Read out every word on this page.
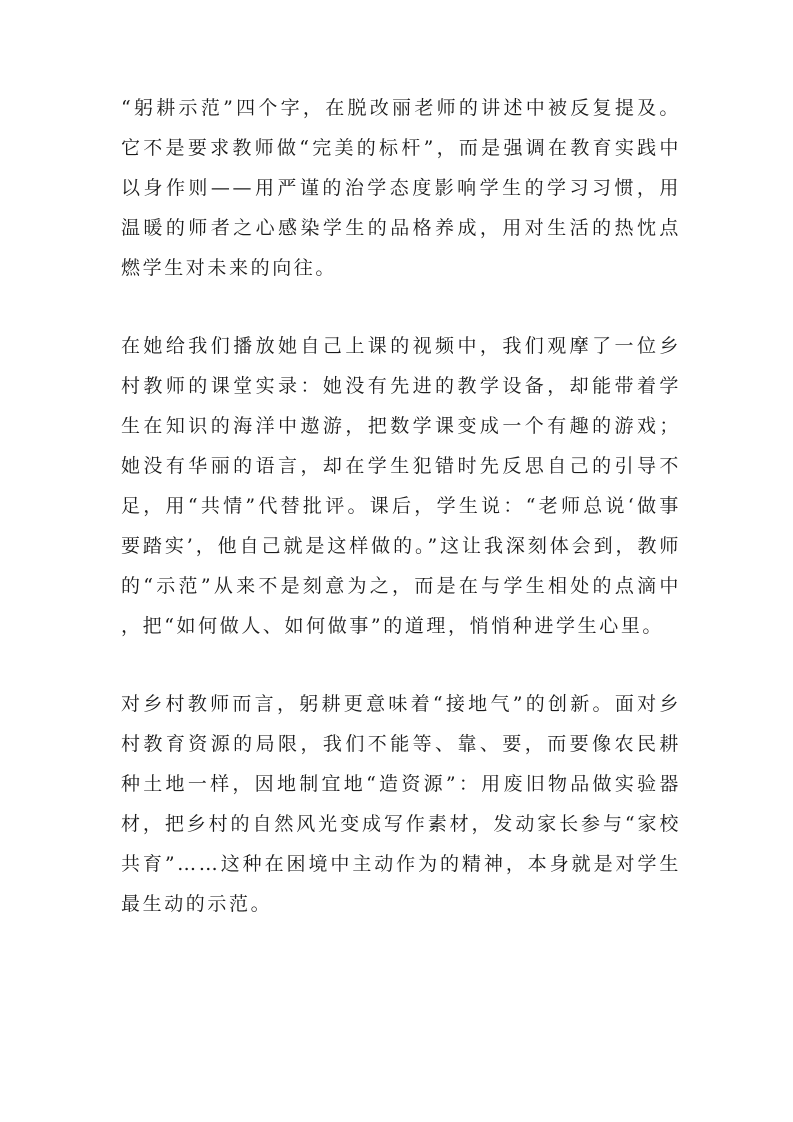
“躬耕示范”四个字，在脱改丽老师的讲述中被反复提及。它不是要求教师做“完美的标杆”，而是强调在教育实践中以身作则——用严谨的治学态度影响学生的学习习惯，用温暖的师者之心感染学生的品格养成，用对生活的热忱点燃学生对未来的向往。

在她给我们播放她自己上课的视频中，我们观摩了一位乡村教师的课堂实录：她没有先进的教学设备，却能带着学生在知识的海洋中遨游，把数学课变成一个有趣的游戏；她没有华丽的语言，却在学生犯错时先反思自己的引导不足，用“共情”代替批评。课后，学生说：“老师总说‘做事要踏实’，他自己就是这样做的。”这让我深刻体会到，教师的“示范”从来不是刻意为之，而是在与学生相处的点滴中，把“如何做人、如何做事”的道理，悄悄种进学生心里。

对乡村教师而言，躬耕更意味着“接地气”的创新。面对乡村教育资源的局限，我们不能等、靠、要，而要像农民耕种土地一样，因地制宜地“造资源”：用废旧物品做实验器材，把乡村的自然风光变成写作素材，发动家长参与“家校共育”……这种在困境中主动作为的精神，本身就是对学生最生动的示范。
